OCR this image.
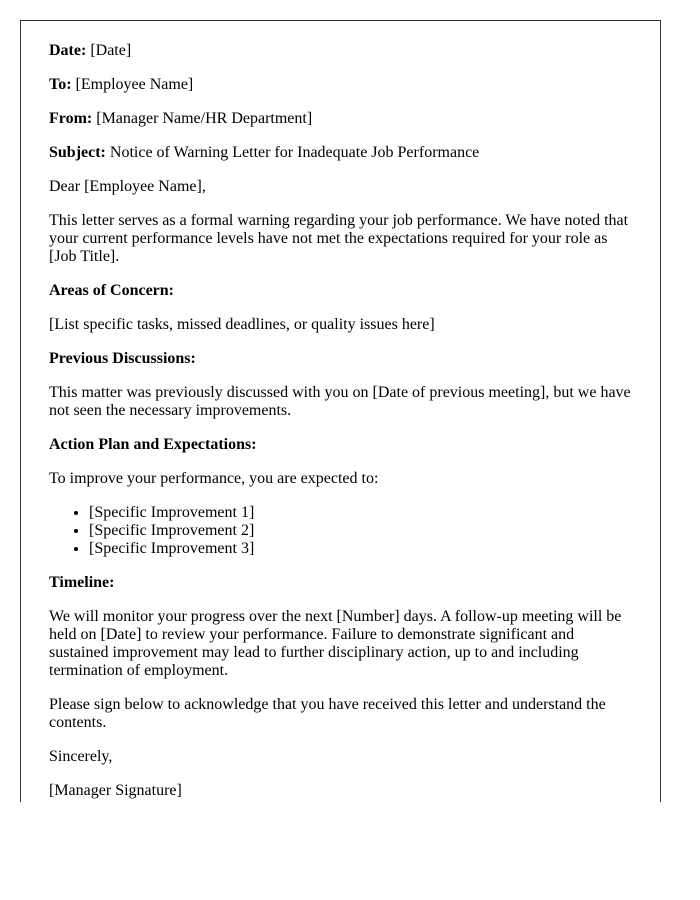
Date: [Date]

To: [Employee Name]

From: [Manager Name/HR Department]

Subject: Notice of Warning Letter for Inadequate Job Performance

Dear [Employee Name],

This letter serves as a formal warning regarding your job performance. We have noted that your current performance levels have not met the expectations required for your role as [Job Title].

Areas of Concern:

[List specific tasks, missed deadlines, or quality issues here]

Previous Discussions:

This matter was previously discussed with you on [Date of previous meeting], but we have not seen the necessary improvements.

Action Plan and Expectations:

To improve your performance, you are expected to:

• [Specific Improvement 1]
• [Specific Improvement 2]
• [Specific Improvement 3]

Timeline:

We will monitor your progress over the next [Number] days. A follow-up meeting will be held on [Date] to review your performance. Failure to demonstrate significant and sustained improvement may lead to further disciplinary action, up to and including termination of employment.

Please sign below to acknowledge that you have received this letter and understand the contents.

Sincerely,

[Manager Signature]
